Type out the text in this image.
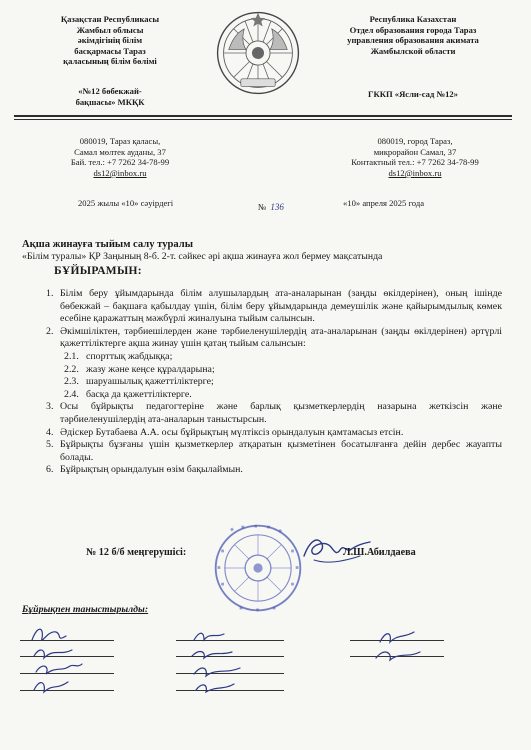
Қазақстан Республикасы
Жамбыл облысы
әкімдігінің білім
басқармасы Тараз
қаласының білім бөлімі
«№12 бөбекжай-
бақшасы» МКҚК
Республика Казахстан
Отдел образования города Тараз
управления образования акимата
Жамбылской области
ГККП «Ясли-сад №12»
080019, Тараз қаласы,
Самал мөлтек ауданы, 37
Бай. тел.: +7 7262 34-78-99
ds12@inbox.ru
080019, город Тараз,
микрорайон Самал, 37
Контактный тел.: +7 7262 34-78-99
ds12@inbox.ru
2025 жылы «10» сәуірдегі	№ 136	«10» апреля 2025 года
Ақша жинауға тыйым салу туралы
«Білім туралы» ҚР Заңының 8-б. 2-т. сәйкес әрі ақша жинауға жол бермеу мақсатында
БҰЙЫРАМЫН:
1. Білім беру ұйымдарында білім алушылардың ата-аналарынан (заңды өкілдерінен), оның ішінде бөбекжай – бақшаға қабылдау үшін, білім беру ұйымдарында демеушілік және қайырымдылық көмек есебіне қаражаттың мәжбүрлі жиналуына тыйым салынсын.
2. Әкімшіліктен, тәрбиешілерден және тәрбиеленушілердің ата-аналарынан (заңды өкілдерінен) әртүрлі қажеттіліктерге ақша жинау үшін қатаң тыйым салынсын:
2.1. спорттық жабдыққа;
2.2. жазу және кеңсе құралдарына;
2.3. шаруашылық қажеттіліктерге;
2.4. басқа да қажеттіліктерге.
3. Осы бұйрықты педагогтеріне және барлық қызметкерлердің назарына жеткізсін және тәрбиеленушілердің ата-аналарын таныстырсын.
4. Әдіскер Бутабаева А.А. осы бұйрықтың мүлтіксіз орындалуын қамтамасыз етсін.
5. Бұйрықты бұзғаны үшін қызметкерлер атқаратын қызметінен босатылғанға дейін дербес жауапты болады.
6. Бұйрықтың орындалуын өзім бақылаймын.
№ 12 б/б меңгерушісі:	Л.Ш.Абилдаева
Бұйрықпен таныстырылды:
